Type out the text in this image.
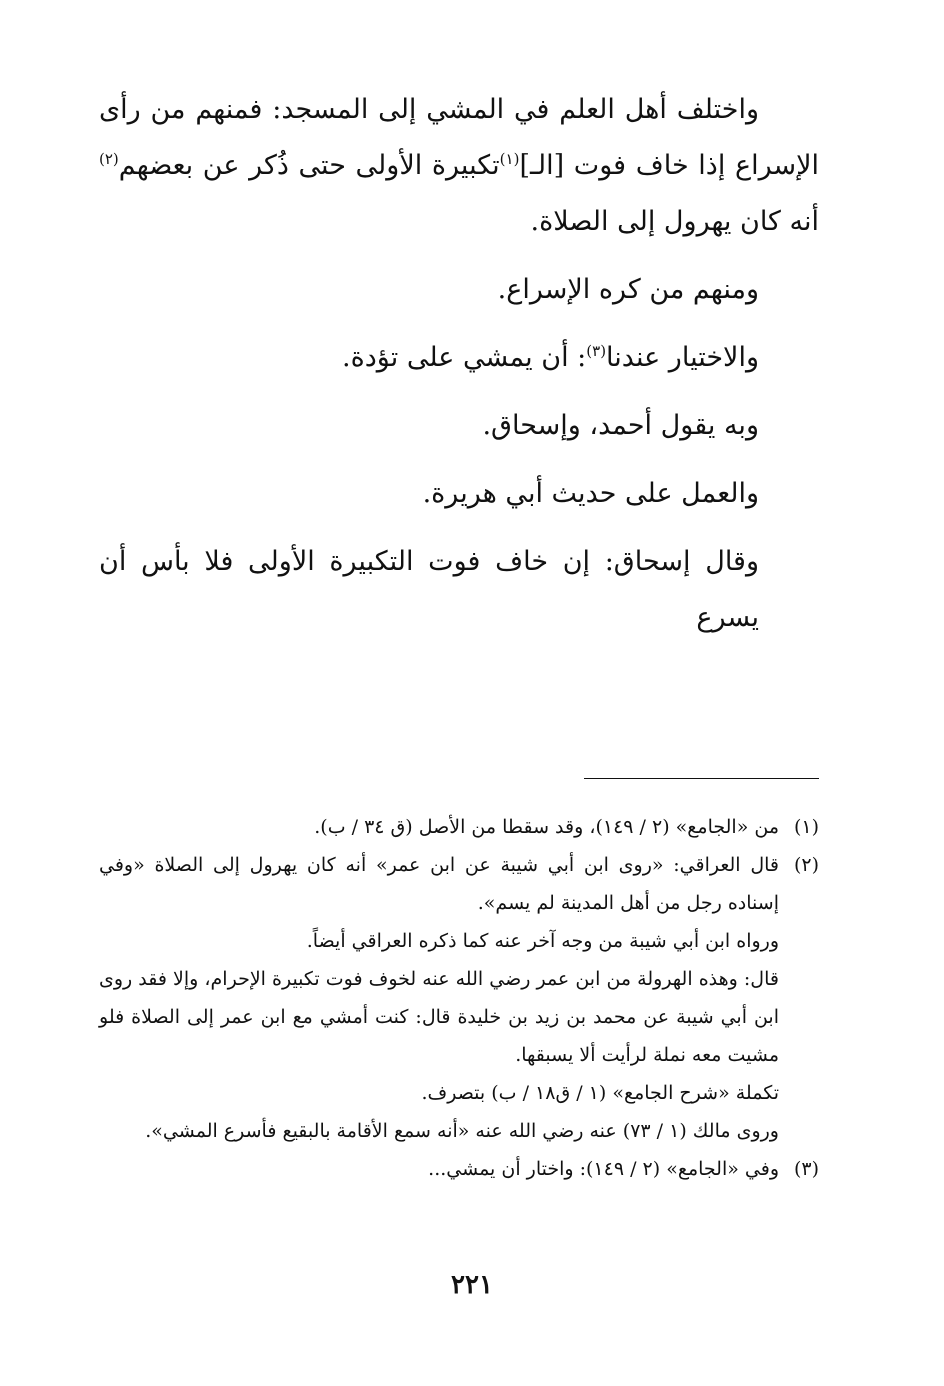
واختلف أهل العلم في المشي إلى المسجد: فمنهم من رأى الإسراع إذا خاف فوت [الـ]$^{(١)}$تكبيرة الأولى حتى ذُكر عن بعضهم$^{(٢)}$ أنه كان يهرول إلى الصلاة.

ومنهم من كره الإسراع.

والاختيار عندنا$^{(٣)}$: أن يمشي على تؤدة.

وبه يقول أحمد، وإسحاق.

والعمل على حديث أبي هريرة.

وقال إسحاق: إن خاف فوت التكبيرة الأولى فلا بأس أن يسرع

(١)من «الجامع» (٢ / ١٤٩)، وقد سقطا من الأصل (ق ٣٤ / ب).

(٢)قال العراقي: «روى ابن أبي شيبة عن ابن عمر» أنه كان يهرول إلى الصلاة «وفي إسناده رجل من أهل المدينة لم يسم».

ورواه ابن أبي شيبة من وجه آخر عنه كما ذكره العراقي أيضاً.

قال: وهذه الهرولة من ابن عمر رضي الله عنه لخوف فوت تكبيرة الإحرام، وإلا فقد روى ابن أبي شيبة عن محمد بن زيد بن خليدة قال: كنت أمشي مع ابن عمر إلى الصلاة فلو مشيت معه نملة لرأيت ألا يسبقها.

تكملة «شرح الجامع» (١ / ق١٨ / ب) بتصرف.

وروى مالك (١ / ٧٣) عنه رضي الله عنه «أنه سمع الأقامة بالبقيع فأسرع المشي».

(٣)وفي «الجامع» (٢ / ١٤٩): واختار أن يمشي...

٢٢١
